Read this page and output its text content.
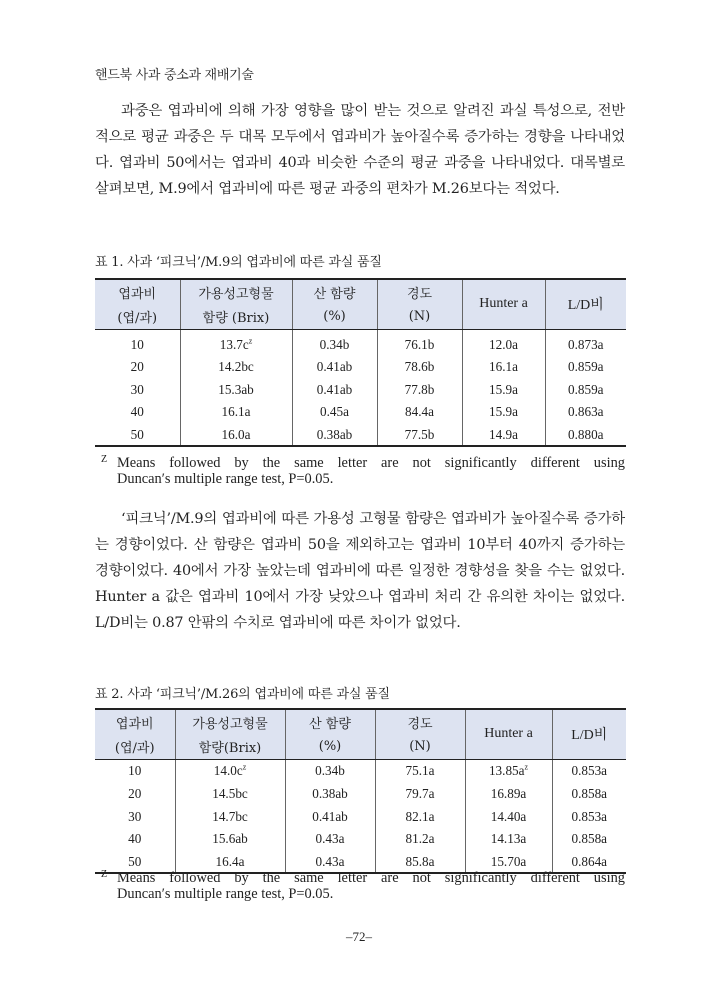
핸드북 사과 중소과 재배기술

과중은 엽과비에 의해 가장 영향을 많이 받는 것으로 알려진 과실 특성으로, 전반적으로 평균 과중은 두 대목 모두에서 엽과비가 높아질수록 증가하는 경향을 나타내었다. 엽과비 50에서는 엽과비 40과 비슷한 수준의 평균 과중을 나타내었다. 대목별로 살펴보면, M.9에서 엽과비에 따른 평균 과중의 편차가 M.26보다는 적었다.

표 1. 사과 ‘피크닉’/M.9의 엽과비에 따른 과실 품질
엽과비	가용성고형물	산 함량	경도	Hunter a	L/D비
(엽/과)	함량 (Brix)	(%)	(N)		
10	$13.7c^z$	0.34b	76.1b	12.0a	0.873a
20	14.2bc	0.41ab	78.6b	16.1a	0.859a
30	15.3ab	0.41ab	77.8b	15.9a	0.859a
40	16.1a	0.45a	84.4a	15.9a	0.863a
50	16.0a	0.38ab	77.5b	14.9a	0.880a
Z Means followed by the same letter are not significantly different using
Duncan′s multiple range test, P=0.05.

‘피크닉’/M.9의 엽과비에 따른 가용성 고형물 함량은 엽과비가 높아질수록 증가하는 경향이었다. 산 함량은 엽과비 50을 제외하고는 엽과비 10부터 40까지 증가하는 경향이었다. 40에서 가장 높았는데 엽과비에 따른 일정한 경향성을 찾을 수는 없었다. Hunter a 값은 엽과비 10에서 가장 낮았으나 엽과비 처리 간 유의한 차이는 없었다. L/D비는 0.87 안팎의 수치로 엽과비에 따른 차이가 없었다.

표 2. 사과 ‘피크닉’/M.26의 엽과비에 따른 과실 품질
엽과비	가용성고형물	산 함량	경도	Hunter a	L/D비
(엽/과)	함량(Brix)	(%)	(N)		
10	$14.0c^z$	0.34b	75.1a	$13.85a^z$	0.853a
20	14.5bc	0.38ab	79.7a	16.89a	0.858a
30	14.7bc	0.41ab	82.1a	14.40a	0.853a
40	15.6ab	0.43a	81.2a	14.13a	0.858a
50	16.4a	0.43a	85.8a	15.70a	0.864a
Z Means followed by the same letter are not significantly different using
Duncan′s multiple range test, P=0.05.
–72–
